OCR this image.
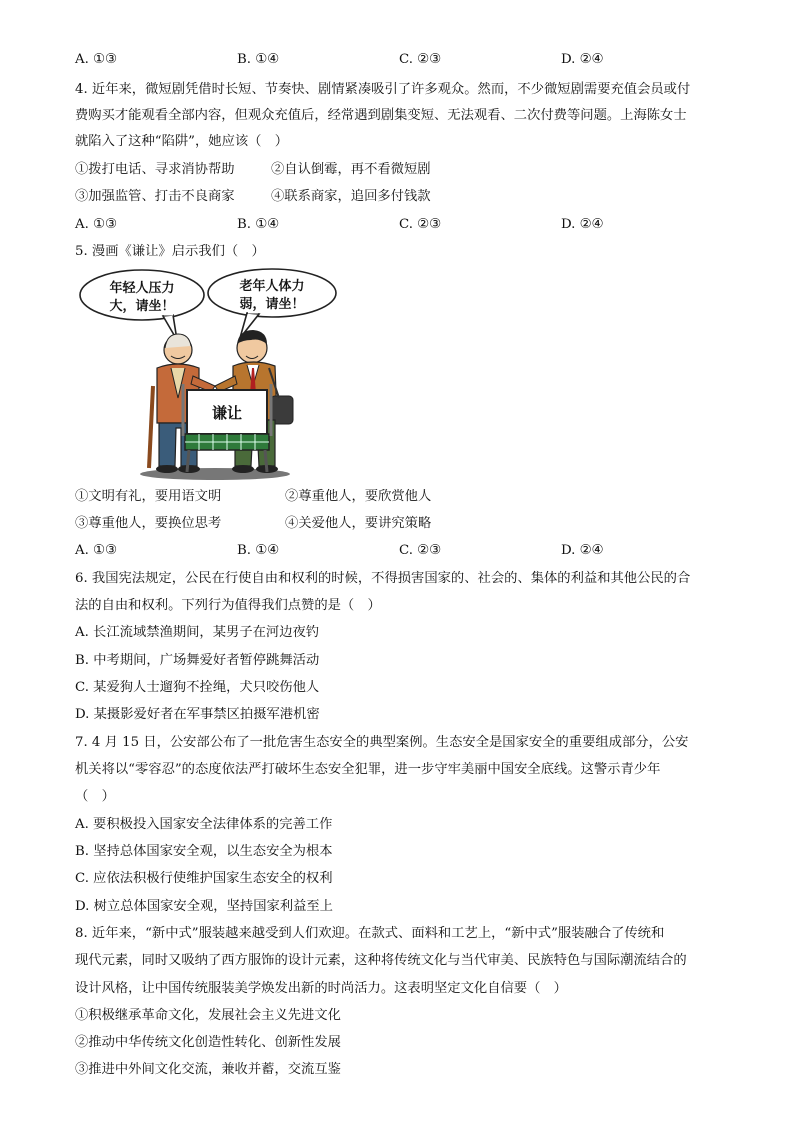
A. ①③	B. ①④	C. ②③	D. ②④
4. 近年来，微短剧凭借时长短、节奏快、剧情紧凑吸引了许多观众。然而，不少微短剧需要充值会员或付
费购买才能观看全部内容，但观众充值后，经常遇到剧集变短、无法观看、二次付费等问题。上海陈女士
就陷入了这种“陷阱”，她应该（　）
①拨打电话、寻求消协帮助	②自认倒霉，再不看微短剧
③加强监管、打击不良商家	④联系商家，追回多付钱款
A. ①③	B. ①④	C. ②③	D. ②④
5. 漫画《谦让》启示我们（　）
年轻人压力
大，请坐！
老年人体力
弱，请坐！
谦让
①文明有礼，要用语文明	②尊重他人，要欣赏他人
③尊重他人，要换位思考	④关爱他人，要讲究策略
A. ①③	B. ①④	C. ②③	D. ②④
6. 我国宪法规定，公民在行使自由和权利的时候，不得损害国家的、社会的、集体的利益和其他公民的合
法的自由和权利。下列行为值得我们点赞的是（　）
A. 长江流域禁渔期间，某男子在河边夜钓
B. 中考期间，广场舞爱好者暂停跳舞活动
C. 某爱狗人士遛狗不拴绳，犬只咬伤他人
D. 某摄影爱好者在军事禁区拍摄军港机密
7. 4 月 15 日，公安部公布了一批危害生态安全的典型案例。生态安全是国家安全的重要组成部分，公安
机关将以“零容忍”的态度依法严打破坏生态安全犯罪，进一步守牢美丽中国安全底线。这警示青少年
（　）
A. 要积极投入国家安全法律体系的完善工作
B. 坚持总体国家安全观，以生态安全为根本
C. 应依法积极行使维护国家生态安全的权利
D. 树立总体国家安全观，坚持国家利益至上
8. 近年来，“新中式”服装越来越受到人们欢迎。在款式、面料和工艺上，“新中式”服装融合了传统和
现代元素，同时又吸纳了西方服饰的设计元素，这种将传统文化与当代审美、民族特色与国际潮流结合的
设计风格，让中国传统服装美学焕发出新的时尚活力。这表明坚定文化自信要（　）
①积极继承革命文化，发展社会主义先进文化
②推动中华传统文化创造性转化、创新性发展
③推进中外间文化交流，兼收并蓄，交流互鉴
